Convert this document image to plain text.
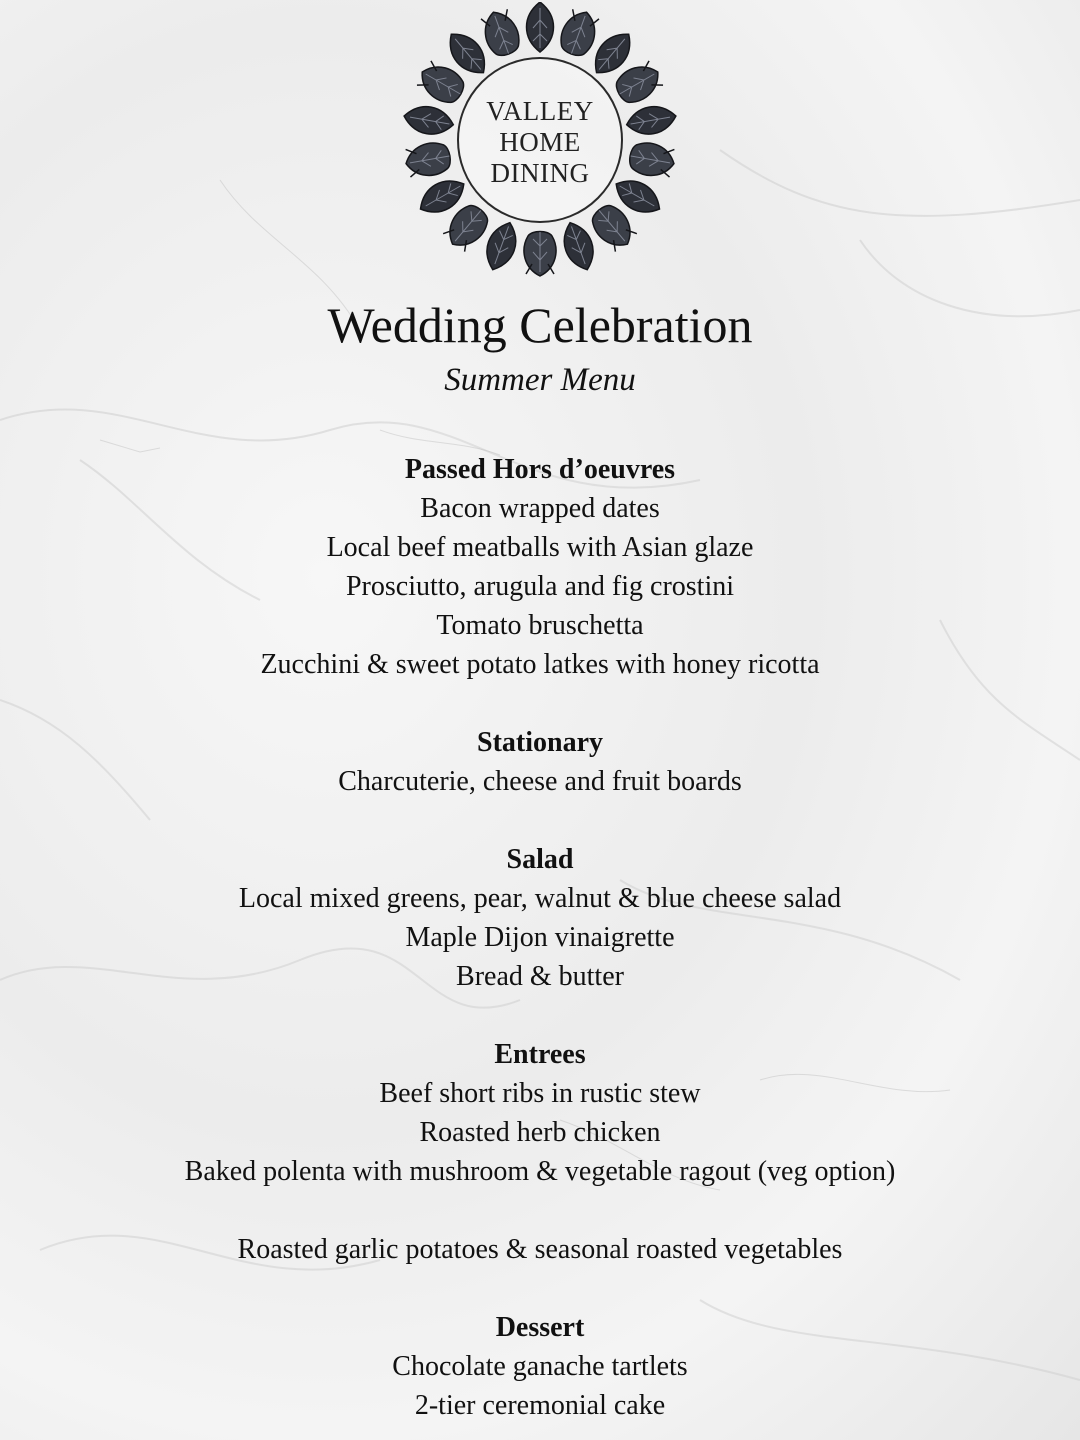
VALLEY
HOME
DINING
Wedding Celebration
Summer Menu
Passed Hors d’oeuvres
Bacon wrapped dates
Local beef meatballs with Asian glaze
Prosciutto, arugula and fig crostini
Tomato bruschetta
Zucchini & sweet potato latkes with honey ricotta
Stationary
Charcuterie, cheese and fruit boards
Salad
Local mixed greens, pear, walnut & blue cheese salad
Maple Dijon vinaigrette
Bread & butter
Entrees
Beef short ribs in rustic stew
Roasted herb chicken
Baked polenta with mushroom & vegetable ragout (veg option)
Roasted garlic potatoes & seasonal roasted vegetables
Dessert
Chocolate ganache tartlets
2-tier ceremonial cake
